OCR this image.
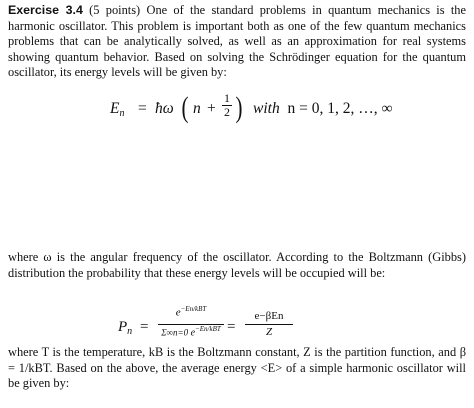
Exercise 3.4 (5 points) One of the standard problems in quantum mechanics is the harmonic oscillator. This problem is important both as one of the few quantum mechanics problems that can be analytically solved, as well as an approximation for real systems showing quantum behavior. Based on solving the Schrödinger equation for the quantum oscillator, its energy levels will be given by:
$E_n$ = ħω ( $n + \frac{1}{2}$ ) with n = 0, 1, 2, …, ∞
where ω is the angular frequency of the oscillator. According to the Boltzmann (Gibbs) distribution the probability that these energy levels will be occupied will be:
$P_n$ =
$e^{-En/kBT}$
Σ∞n=0 $e^{-En/kBT}$ =
e−βEn
Z
where T is the temperature, kB is the Boltzmann constant, Z is the partition function, and β = 1/kBT. Based on the above, the average energy <E> of a simple harmonic oscillator will be given by:
